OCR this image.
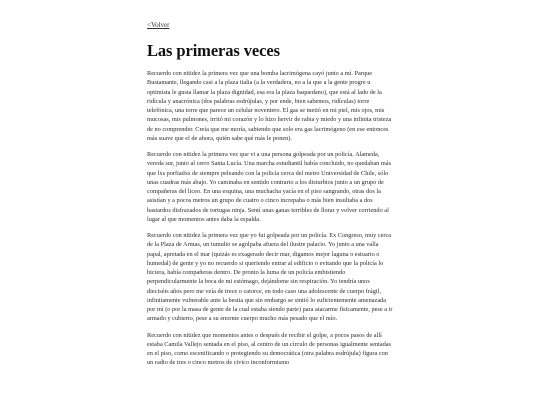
<Volver
Las primeras veces

Recuerdo con nitidez la primera vez que una bomba lacrimógena cayó junto a mí. Parque Bustamante, llegando casi a la plaza italia (a la verdadera, no a la que a la gente progre u optimista le gusta llamar la plaza dignidad, esa era la plaza baquedano), que está al lado de la ridícula y anacrónica (dos palabras esdrújulas, y por ende, bien sabemos, ridículas) torre telefónica, una torre que parece un celular noventero. El gas se metió en mi piel, mis ojos, mis mucosas, mis pulmones, irritó mi corazón y lo hizo hervir de rabia y miedo y una infinita tristeza de no comprender. Creía que me moría, sabiendo que solo era gas lacrimógeno (en ese entonces más suave que el de ahora, quién sabe qué más le ponen).

Recuerdo con nitidez la primera vez que vi a una persona golpeada por un policía. Alameda, vereda sur, junto al cerro Santa Lucía. Una marcha estudiantil había concluido, no quedaban más que lxs porfiadxs de siempre peleando con la policía cerca del metro Universidad de Chile, sólo unas cuadras más abajo. Yo caminaba en sentido contrario a los disturbios junto a un grupo de compañeras del liceo. En una esquina, una muchacha yacía en el piso sangrando, otras dos la asistían y a pocos metros un grupo de cuatro o cinco increpaba o más bien insultaba a dos bastardos disfrazados de tortugas ninja. Sentí unas ganas terribles de llorar y volver corriendo al lugar al que momentos antes daba la espalda.

Recuerdo con nitidez la primera vez que yo fui golpeada por un policía. Ex Congreso, muy cerca de la Plaza de Armas, un tumulto se agolpaba afuera del ilustre palacio. Yo junto a una valla papal, apretada en el mar (quizás es exagerado decir mar, digamos mejor laguna o estuario o humedal) de gente y yo no recuerdo si queriendo entrar al edificio o evitando que la policía lo hiciera, había compañeras dentro. De pronto la luma de un policía embistiendo perpendicularmente la boca de mi estómago, dejándome sin respiración. Yo tendría unos dieciséis años pero me veía de trece o catorce, en todo caso una adolescente de cuerpo frágil, infinitamente vulnerable ante la bestia que sin embargo se sintió lo suficientemente amenazada por mí (o por la masa de gente de la cual estaba siendo parte) para atacarme físicamente, pese a ir armado y cubierto, pese a su enorme cuerpo mucho más pesado que el mío.

Recuerdo con nitidez que momentos antes o después de recibir el golpe, a pocos pasos de allí estaba Camila Vallejo sentada en el piso, al centro de un círculo de personas igualmente sentadas en el piso, como escenificando o protegiendo su democrática (otra palabra esdrújula) figura con un radio de tres o cinco metros de civico inconformismo
